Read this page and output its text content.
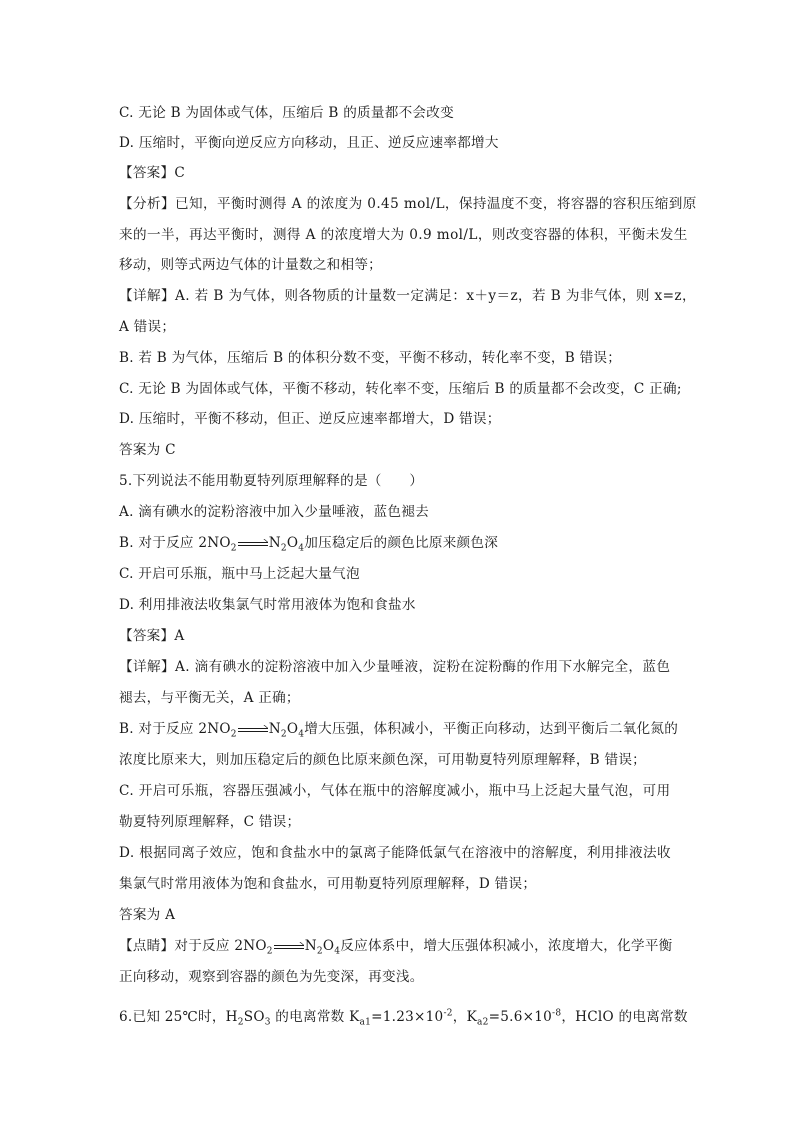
C. 无论 B 为固体或气体，压缩后 B 的质量都不会改变
D. 压缩时，平衡向逆反应方向移动，且正、逆反应速率都增大
【答案】C
【分析】已知，平衡时测得 A 的浓度为 0.45 mol/L，保持温度不变，将容器的容积压缩到原
来的一半，再达平衡时，测得 A 的浓度增大为 0.9 mol/L，则改变容器的体积，平衡未发生
移动，则等式两边气体的计量数之和相等；
【详解】A. 若 B 为气体，则各物质的计量数一定满足：x＋y＝z，若 B 为非气体，则 x=z，
A 错误；
B. 若 B 为气体，压缩后 B 的体积分数不变，平衡不移动，转化率不变，B 错误；
C. 无论 B 为固体或气体，平衡不移动，转化率不变，压缩后 B 的质量都不会改变，C 正确;
D. 压缩时，平衡不移动，但正、逆反应速率都增大，D 错误；
答案为 C
5.下列说法不能用勒夏特列原理解释的是（　　）
A. 滴有碘水的淀粉溶液中加入少量唾液，蓝色褪去
B. 对于反应 $2NO_2$ $N_2O_4$加压稳定后的颜色比原来颜色深
C. 开启可乐瓶，瓶中马上泛起大量气泡
D. 利用排液法收集氯气时常用液体为饱和食盐水
【答案】A
【详解】A. 滴有碘水的淀粉溶液中加入少量唾液，淀粉在淀粉酶的作用下水解完全，蓝色
褪去，与平衡无关，A 正确；
B. 对于反应 $2NO_2$ $N_2O_4$增大压强，体积减小，平衡正向移动，达到平衡后二氧化氮的
浓度比原来大，则加压稳定后的颜色比原来颜色深，可用勒夏特列原理解释，B 错误；
C. 开启可乐瓶，容器压强减小，气体在瓶中的溶解度减小，瓶中马上泛起大量气泡，可用
勒夏特列原理解释，C 错误；
D. 根据同离子效应，饱和食盐水中的氯离子能降低氯气在溶液中的溶解度，利用排液法收
集氯气时常用液体为饱和食盐水，可用勒夏特列原理解释，D 错误；
答案为 A
【点睛】对于反应 $2NO_2$ $N_2O_4$反应体系中，增大压强体积减小，浓度增大，化学平衡
正向移动，观察到容器的颜色为先变深，再变浅。
6.已知 25℃时，$H_2SO_3$ 的电离常数 $K_{a1}=1.23\times 10^{-2}$，$K_{a2}=5.6\times 10^{-8}$，HClO 的电离常数
